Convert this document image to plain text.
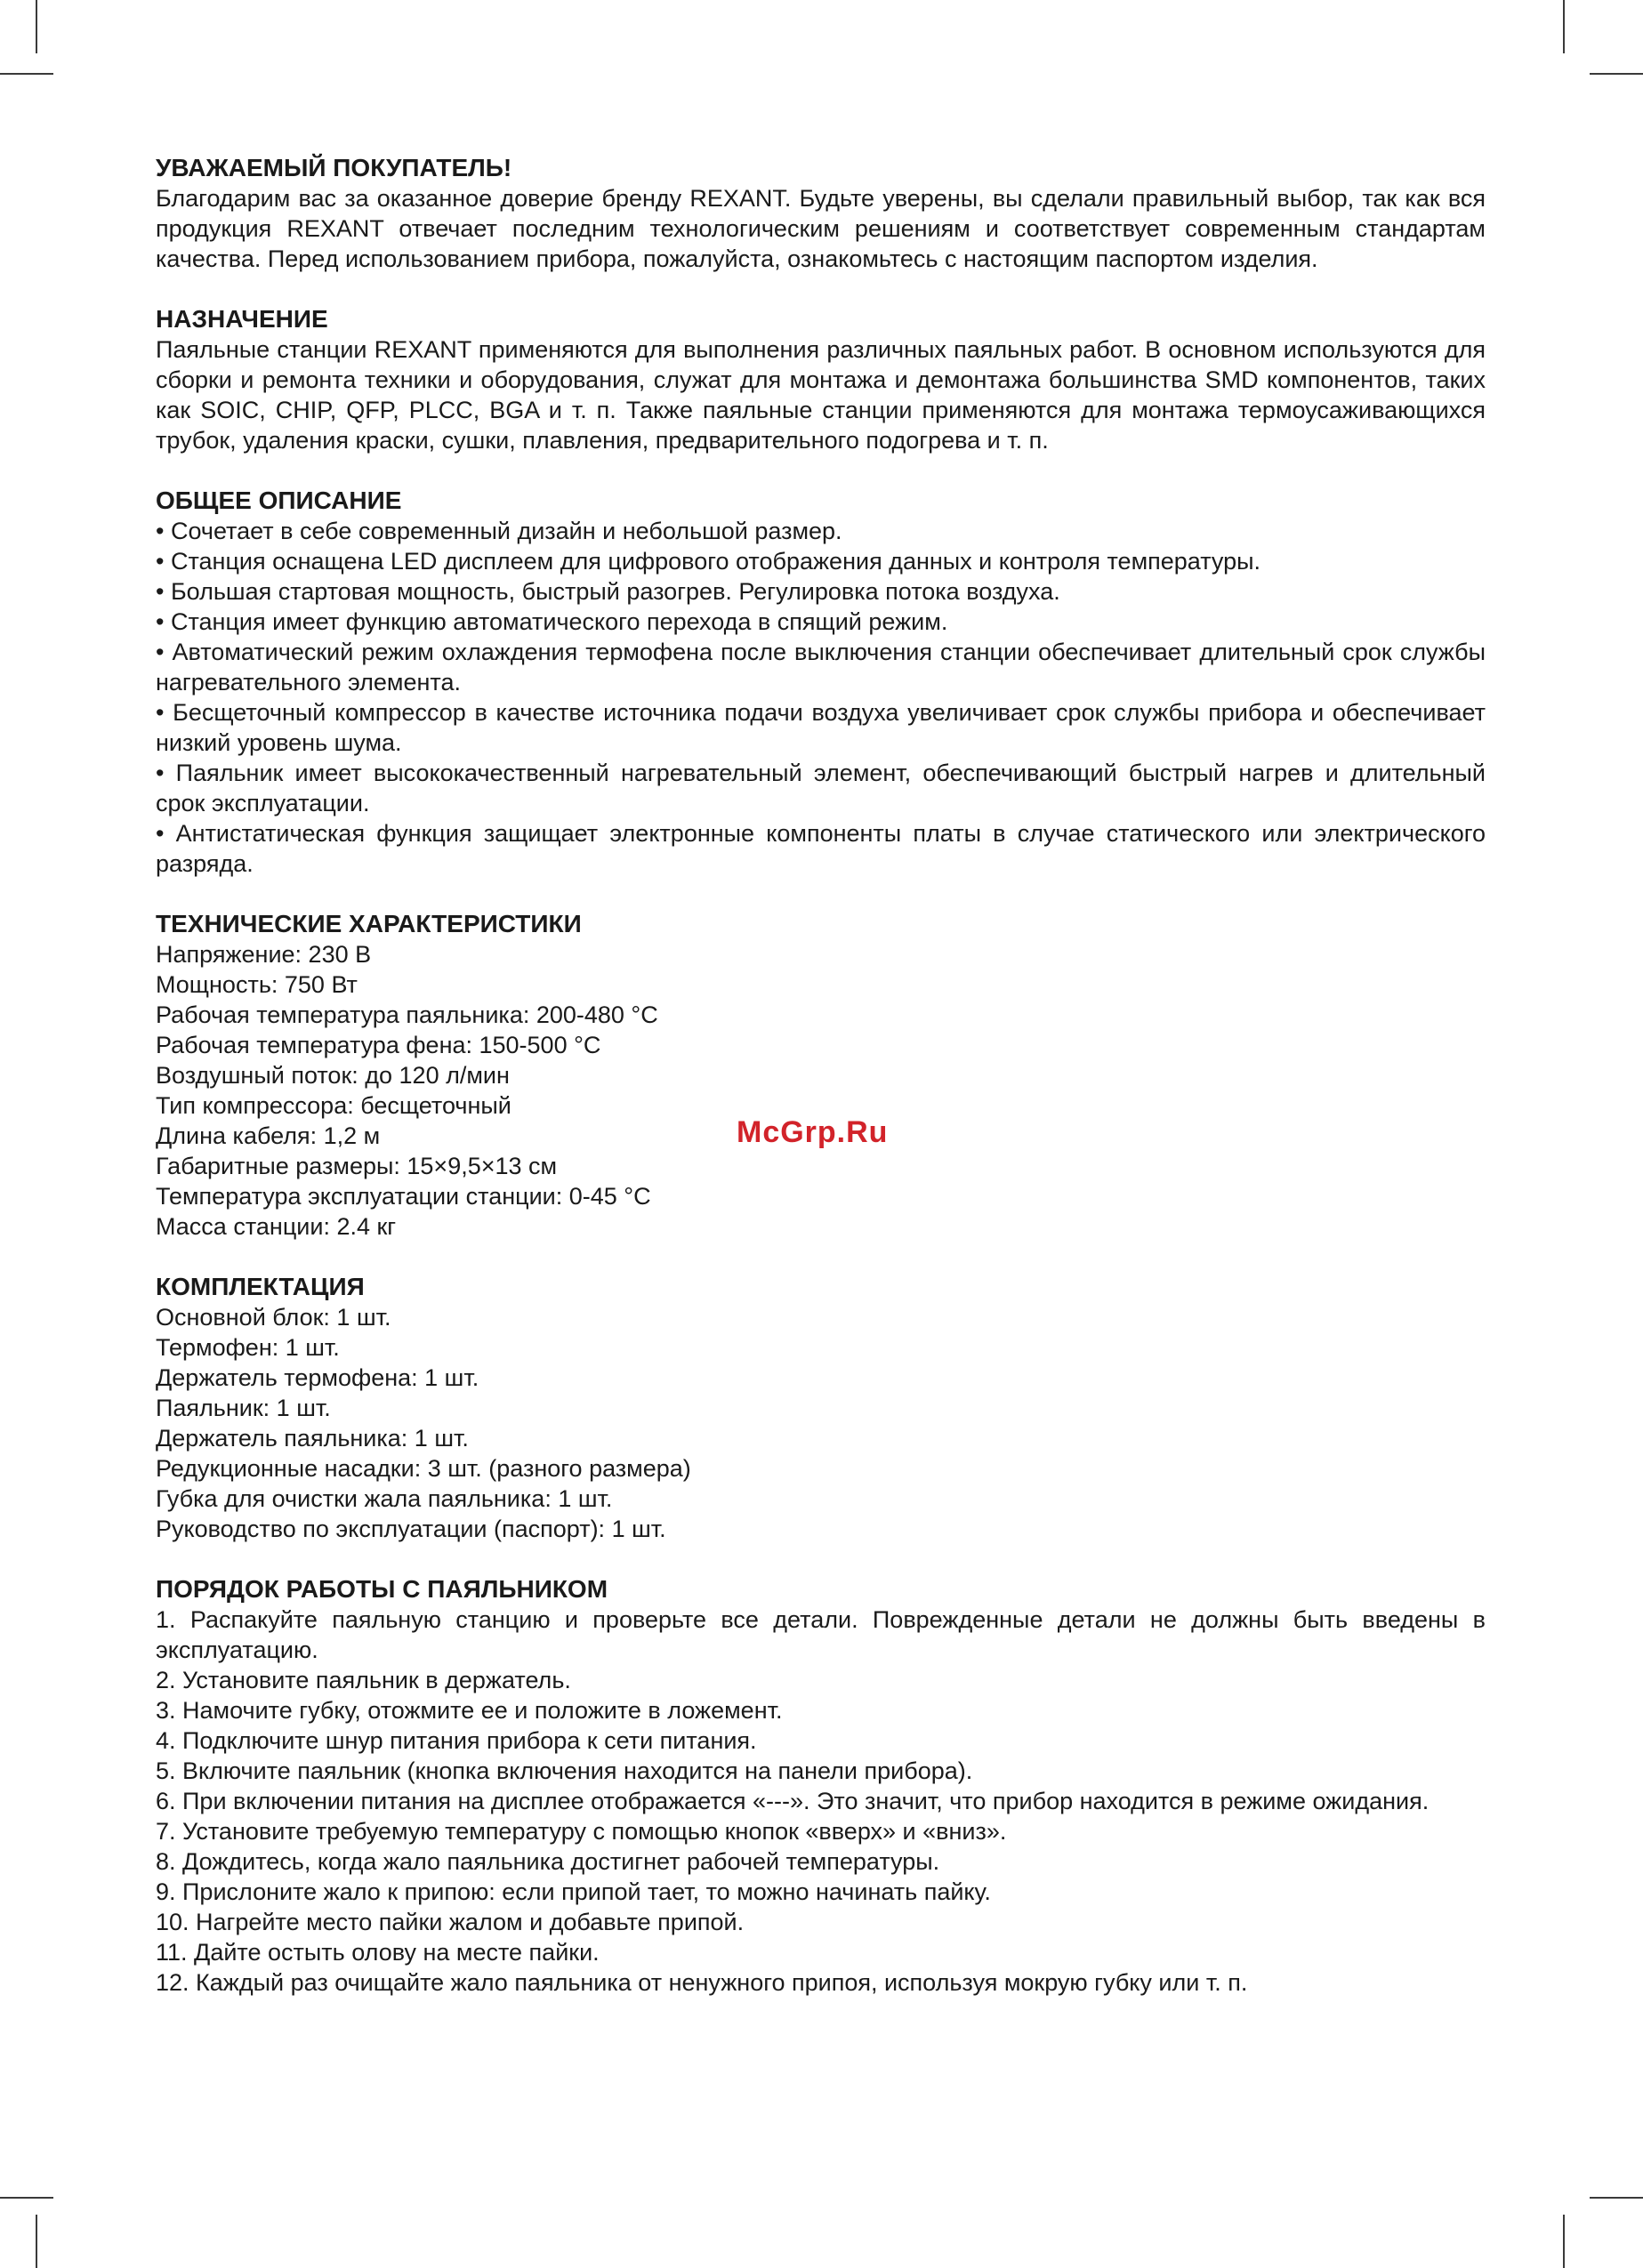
УВАЖАЕМЫЙ ПОКУПАТЕЛЬ!

Благодарим вас за оказанное доверие бренду REXANT. Будьте уверены, вы сделали правильный выбор, так как вся продукция REXANT отвечает последним технологическим решениям и соответствует современным стандартам качества. Перед использованием прибора, пожалуйста, ознакомьтесь с настоящим паспортом изделия.

НАЗНАЧЕНИЕ

Паяльные станции REXANT применяются для выполнения различных паяльных работ. В основном используются для сборки и ремонта техники и оборудования, служат для монтажа и демонтажа большинства SMD компонентов, таких как SOIC, CHIP, QFP, PLCC, BGA и т. п. Также паяльные станции применяются для монтажа термоусаживающихся трубок, удаления краски, сушки, плавления, предварительного подогрева и т. п.

ОБЩЕЕ ОПИСАНИЕ
• Сочетает в себе современный дизайн и небольшой размер.
• Станция оснащена LED дисплеем для цифрового отображения данных и контроля температуры.
• Большая стартовая мощность, быстрый разогрев. Регулировка потока воздуха.
• Станция имеет функцию автоматического перехода в спящий режим.
• Автоматический режим охлаждения термофена после выключения станции обеспечивает длительный срок службы нагревательного элемента.
• Бесщеточный компрессор в качестве источника подачи воздуха увеличивает срок службы прибора и обеспечивает низкий уровень шума.
• Паяльник имеет высококачественный нагревательный элемент, обеспечивающий быстрый нагрев и длительный срок эксплуатации.
• Антистатическая функция защищает электронные компоненты платы в случае статического или электрического разряда.
ТЕХНИЧЕСКИЕ ХАРАКТЕРИСТИКИ
Напряжение: 230 В
Мощность: 750 Вт
Рабочая температура паяльника: 200-480 °С
Рабочая температура фена: 150-500 °С
Воздушный поток: до 120 л/мин
Тип компрессора: бесщеточный
Длина кабеля: 1,2 м
Габаритные размеры: 15×9,5×13 см
Температура эксплуатации станции: 0-45 °С
Масса станции: 2.4 кг
КОМПЛЕКТАЦИЯ
Основной блок: 1 шт.
Термофен: 1 шт.
Держатель термофена: 1 шт.
Паяльник: 1 шт.
Держатель паяльника: 1 шт.
Редукционные насадки: 3 шт. (разного размера)
Губка для очистки жала паяльника: 1 шт.
Руководство по эксплуатации (паспорт): 1 шт.
ПОРЯДОК РАБОТЫ С ПАЯЛЬНИКОМ
1. Распакуйте паяльную станцию и проверьте все детали. Поврежденные детали не должны быть введены в эксплуатацию.
2. Установите паяльник в держатель.
3. Намочите губку, отожмите ее и положите в ложемент.
4. Подключите шнур питания прибора к сети питания.
5. Включите паяльник (кнопка включения находится на панели прибора).
6. При включении питания на дисплее отображается «---». Это значит, что прибор находится в режиме ожидания.
7. Установите требуемую температуру с помощью кнопок «вверх» и «вниз».
8. Дождитесь, когда жало паяльника достигнет рабочей температуры.
9. Прислоните жало к припою: если припой тает, то можно начинать пайку.
10. Нагрейте место пайки жалом и добавьте припой.
11. Дайте остыть олову на месте пайки.
12. Каждый раз очищайте жало паяльника от ненужного припоя, используя мокрую губку или т. п.
McGrp.Ru
